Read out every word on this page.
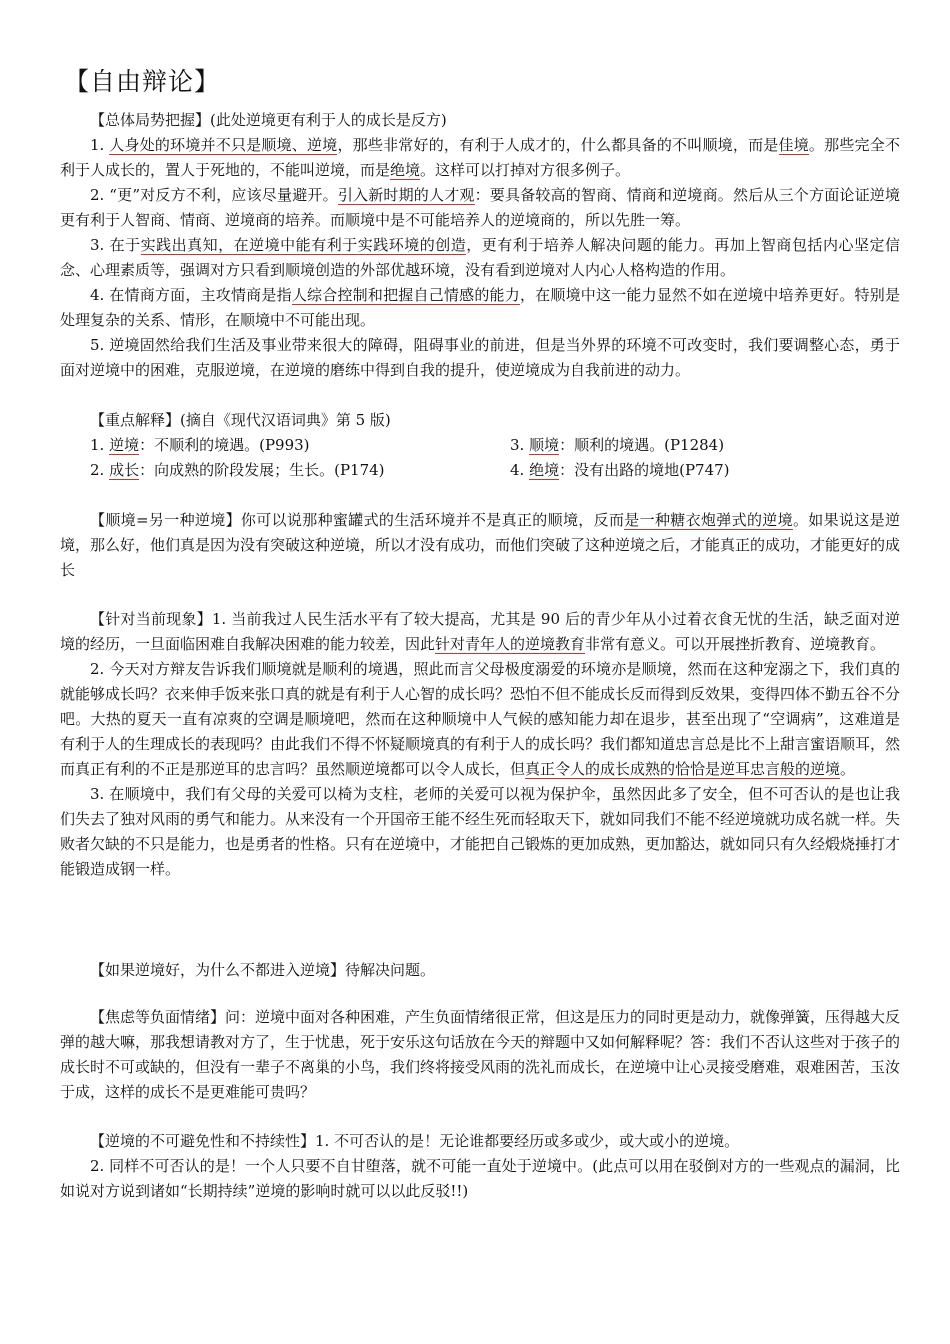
【自由辩论】

【总体局势把握】(此处逆境更有利于人的成长是反方)

1. 人身处的环境并不只是顺境、逆境，那些非常好的，有利于人成才的，什么都具备的不叫顺境，而是佳境。那些完全不利于人成长的，置人于死地的，不能叫逆境，而是绝境。这样可以打掉对方很多例子。

2. “更”对反方不利，应该尽量避开。引入新时期的人才观：要具备较高的智商、情商和逆境商。然后从三个方面论证逆境更有利于人智商、情商、逆境商的培养。而顺境中是不可能培养人的逆境商的，所以先胜一筹。

3. 在于实践出真知，在逆境中能有利于实践环境的创造，更有利于培养人解决问题的能力。再加上智商包括内心坚定信念、心理素质等，强调对方只看到顺境创造的外部优越环境，没有看到逆境对人内心人格构造的作用。

4. 在情商方面，主攻情商是指人综合控制和把握自己情感的能力，在顺境中这一能力显然不如在逆境中培养更好。特别是处理复杂的关系、情形，在顺境中不可能出现。

5. 逆境固然给我们生活及事业带来很大的障碍，阻碍事业的前进，但是当外界的环境不可改变时，我们要调整心态，勇于面对逆境中的困难，克服逆境，在逆境的磨练中得到自我的提升，使逆境成为自我前进的动力。

【重点解释】(摘自《现代汉语词典》第 5 版)
1. 逆境：不顺利的境遇。(P993)	3. 顺境：顺利的境遇。(P1284)
2. 成长：向成熟的阶段发展；生长。(P174)	4. 绝境：没有出路的境地(P747)

【顺境=另一种逆境】你可以说那种蜜罐式的生活环境并不是真正的顺境，反而是一种糖衣炮弹式的逆境。如果说这是逆境，那么好，他们真是因为没有突破这种逆境，所以才没有成功，而他们突破了这种逆境之后，才能真正的成功，才能更好的成长

【针对当前现象】1. 当前我过人民生活水平有了较大提高，尤其是 90 后的青少年从小过着衣食无忧的生活，缺乏面对逆境的经历，一旦面临困难自我解决困难的能力较差，因此针对青年人的逆境教育非常有意义。可以开展挫折教育、逆境教育。

2. 今天对方辩友告诉我们顺境就是顺利的境遇，照此而言父母极度溺爱的环境亦是顺境，然而在这种宠溺之下，我们真的就能够成长吗？衣来伸手饭来张口真的就是有利于人心智的成长吗？恐怕不但不能成长反而得到反效果，变得四体不勤五谷不分吧。大热的夏天一直有凉爽的空调是顺境吧，然而在这种顺境中人气候的感知能力却在退步，甚至出现了“空调病”，这难道是有利于人的生理成长的表现吗？由此我们不得不怀疑顺境真的有利于人的成长吗？我们都知道忠言总是比不上甜言蜜语顺耳，然而真正有利的不正是那逆耳的忠言吗？虽然顺逆境都可以令人成长，但真正令人的成长成熟的恰恰是逆耳忠言般的逆境。

3. 在顺境中，我们有父母的关爱可以椅为支柱，老师的关爱可以视为保护伞，虽然因此多了安全，但不可否认的是也让我们失去了独对风雨的勇气和能力。从来没有一个开国帝王能不经生死而轻取天下，就如同我们不能不经逆境就功成名就一样。失败者欠缺的不只是能力，也是勇者的性格。只有在逆境中，才能把自己锻炼的更加成熟，更加豁达，就如同只有久经煅烧捶打才能锻造成钢一样。

【如果逆境好，为什么不都进入逆境】待解决问题。

【焦虑等负面情绪】问：逆境中面对各种困难，产生负面情绪很正常，但这是压力的同时更是动力，就像弹簧，压得越大反弹的越大嘛，那我想请教对方了，生于忧患，死于安乐这句话放在今天的辩题中又如何解释呢？答：我们不否认这些对于孩子的成长时不可或缺的，但没有一辈子不离巢的小鸟，我们终将接受风雨的洗礼而成长，在逆境中让心灵接受磨难，艰难困苦，玉汝于成，这样的成长不是更难能可贵吗？

【逆境的不可避免性和不持续性】1. 不可否认的是！无论谁都要经历或多或少，或大或小的逆境。

2. 同样不可否认的是！一个人只要不自甘堕落，就不可能一直处于逆境中。(此点可以用在驳倒对方的一些观点的漏洞，比如说对方说到诸如“长期持续”逆境的影响时就可以以此反驳!!)
